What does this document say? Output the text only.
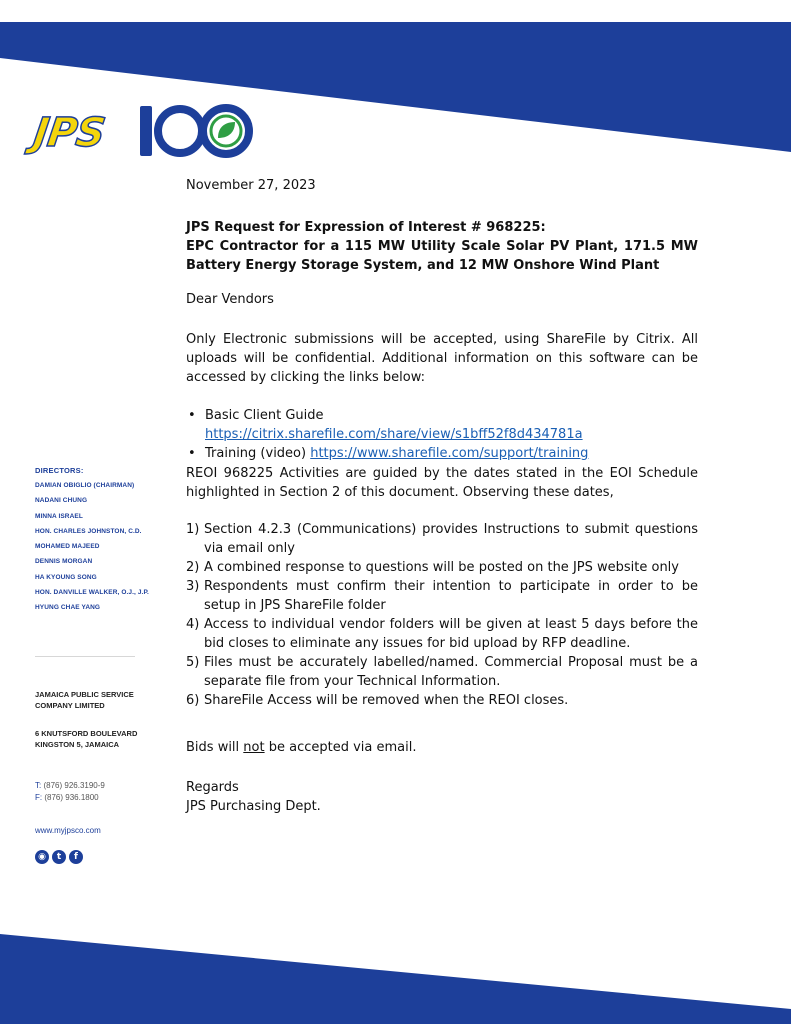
JPS
100
DIRECTORS:
DAMIAN OBIGLIO (CHAIRMAN)
NADANI CHUNG
MINNA ISRAEL
HON. CHARLES JOHNSTON, C.D.
MOHAMED MAJEED
DENNIS MORGAN
HA KYOUNG SONG
HON. DANVILLE WALKER, O.J., J.P.
HYUNG CHAE YANG
JAMAICA PUBLIC SERVICE
COMPANY LIMITED
6 KNUTSFORD BOULEVARD
KINGSTON 5, JAMAICA
T: (876) 926.3190-9
F: (876) 936.1800
www.myjpsco.com
◉	t	f

November 27, 2023

JPS Request for Expression of Interest # 968225:
EPC Contractor for a 115 MW Utility Scale Solar PV Plant, 171.5 MW Battery Energy Storage System, and 12 MW Onshore Wind Plant

Dear Vendors

Only Electronic submissions will be accepted, using ShareFile by Citrix. All uploads will be confidential. Additional information on this software can be accessed by clicking the links below:

• Basic Client Guide https://citrix.sharefile.com/share/view/s1bff52f8d434781a
• Training (video) https://www.sharefile.com/support/training

REOI 968225 Activities are guided by the dates stated in the EOI Schedule highlighted in Section 2 of this document. Observing these dates,

1) Section 4.2.3 (Communications) provides Instructions to submit questions via email only
2) A combined response to questions will be posted on the JPS website only
3) Respondents must confirm their intention to participate in order to be setup in JPS ShareFile folder
4) Access to individual vendor folders will be given at least 5 days before the bid closes to eliminate any issues for bid upload by RFP deadline.
5) Files must be accurately labelled/named. Commercial Proposal must be a separate file from your Technical Information.
6) ShareFile Access will be removed when the REOI closes.

Bids will not be accepted via email.

Regards
JPS Purchasing Dept.
